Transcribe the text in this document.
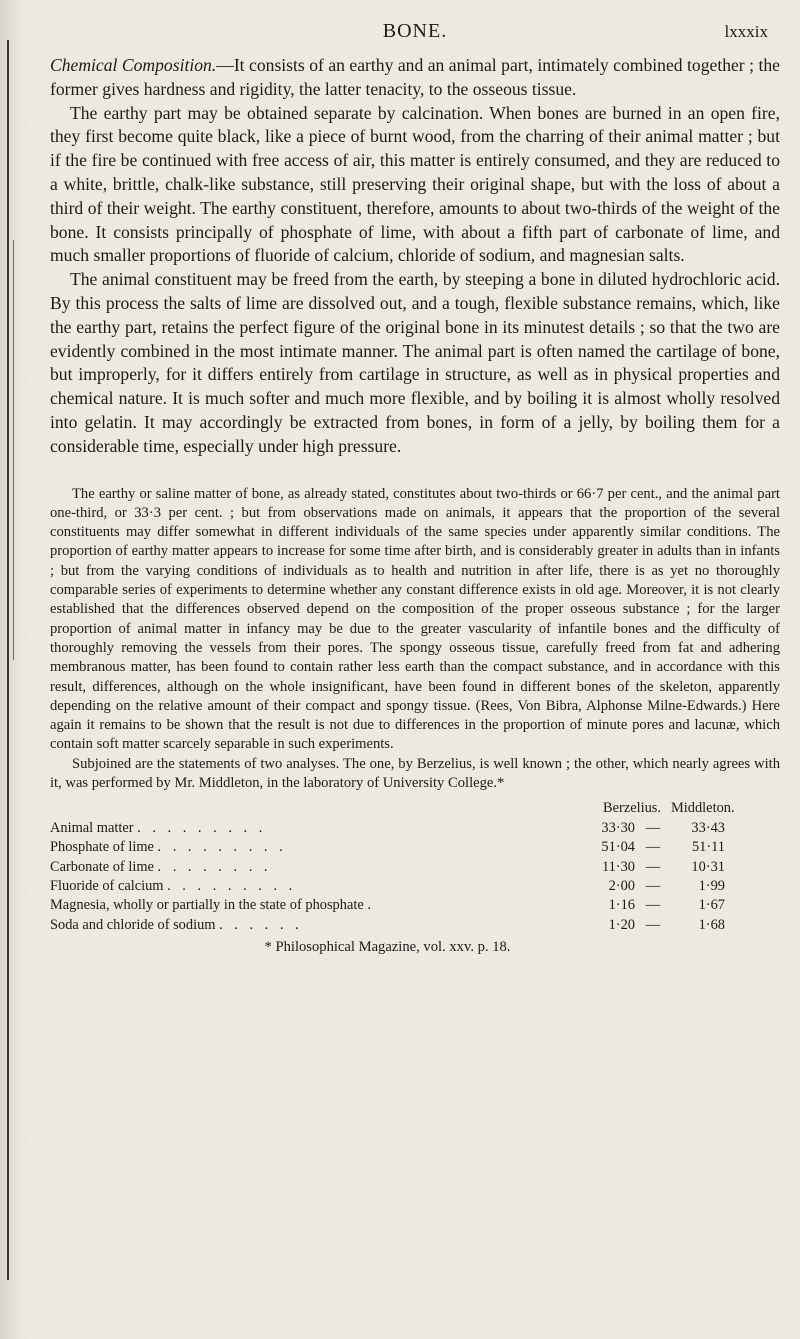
BONE.	lxxxix

Chemical Composition.—It consists of an earthy and an animal part, intimately combined together ; the former gives hardness and rigidity, the latter tenacity, to the osseous tissue.

The earthy part may be obtained separate by calcination. When bones are burned in an open fire, they first become quite black, like a piece of burnt wood, from the charring of their animal matter ; but if the fire be continued with free access of air, this matter is entirely consumed, and they are reduced to a white, brittle, chalk-like substance, still preserving their original shape, but with the loss of about a third of their weight. The earthy constituent, therefore, amounts to about two-thirds of the weight of the bone. It consists principally of phosphate of lime, with about a fifth part of carbonate of lime, and much smaller proportions of fluoride of calcium, chloride of sodium, and magnesian salts.

The animal constituent may be freed from the earth, by steeping a bone in diluted hydrochloric acid. By this process the salts of lime are dissolved out, and a tough, flexible substance remains, which, like the earthy part, retains the perfect figure of the original bone in its minutest details ; so that the two are evidently combined in the most intimate manner. The animal part is often named the cartilage of bone, but improperly, for it differs entirely from cartilage in structure, as well as in physical properties and chemical nature. It is much softer and much more flexible, and by boiling it is almost wholly resolved into gelatin. It may accordingly be extracted from bones, in form of a jelly, by boiling them for a considerable time, especially under high pressure.

The earthy or saline matter of bone, as already stated, constitutes about two-thirds or 66·7 per cent., and the animal part one-third, or 33·3 per cent. ; but from observations made on animals, it appears that the proportion of the several constituents may differ somewhat in different individuals of the same species under apparently similar conditions. The proportion of earthy matter appears to increase for some time after birth, and is considerably greater in adults than in infants ; but from the varying conditions of individuals as to health and nutrition in after life, there is as yet no thoroughly comparable series of experiments to determine whether any constant difference exists in old age. Moreover, it is not clearly established that the differences observed depend on the composition of the proper osseous substance ; for the larger proportion of animal matter in infancy may be due to the greater vascularity of infantile bones and the difficulty of thoroughly removing the vessels from their pores. The spongy osseous tissue, carefully freed from fat and adhering membranous matter, has been found to contain rather less earth than the compact substance, and in accordance with this result, differences, although on the whole insignificant, have been found in different bones of the skeleton, apparently depending on the relative amount of their compact and spongy tissue. (Rees, Von Bibra, Alphonse Milne-Edwards.) Here again it remains to be shown that the result is not due to differences in the proportion of minute pores and lacunæ, which contain soft matter scarcely separable in such experiments.

Subjoined are the statements of two analyses. The one, by Berzelius, is well known ; the other, which nearly agrees with it, was performed by Mr. Middleton, in the laboratory of University College.*

Berzelius. Middleton.
Animal matter . . . . . . . . .	33·30 —	33·43
Phosphate of lime . . . . . . . . .	51·04 —	51·11
Carbonate of lime . . . . . . . .	11·30 —	10·31
Fluoride of calcium . . . . . . . . .	2·00 —	1·99
Magnesia, wholly or partially in the state of phosphate .	1·16 —	1·67
Soda and chloride of sodium . . . . . .	1·20 —	1·68
* Philosophical Magazine, vol. xxv. p. 18.
